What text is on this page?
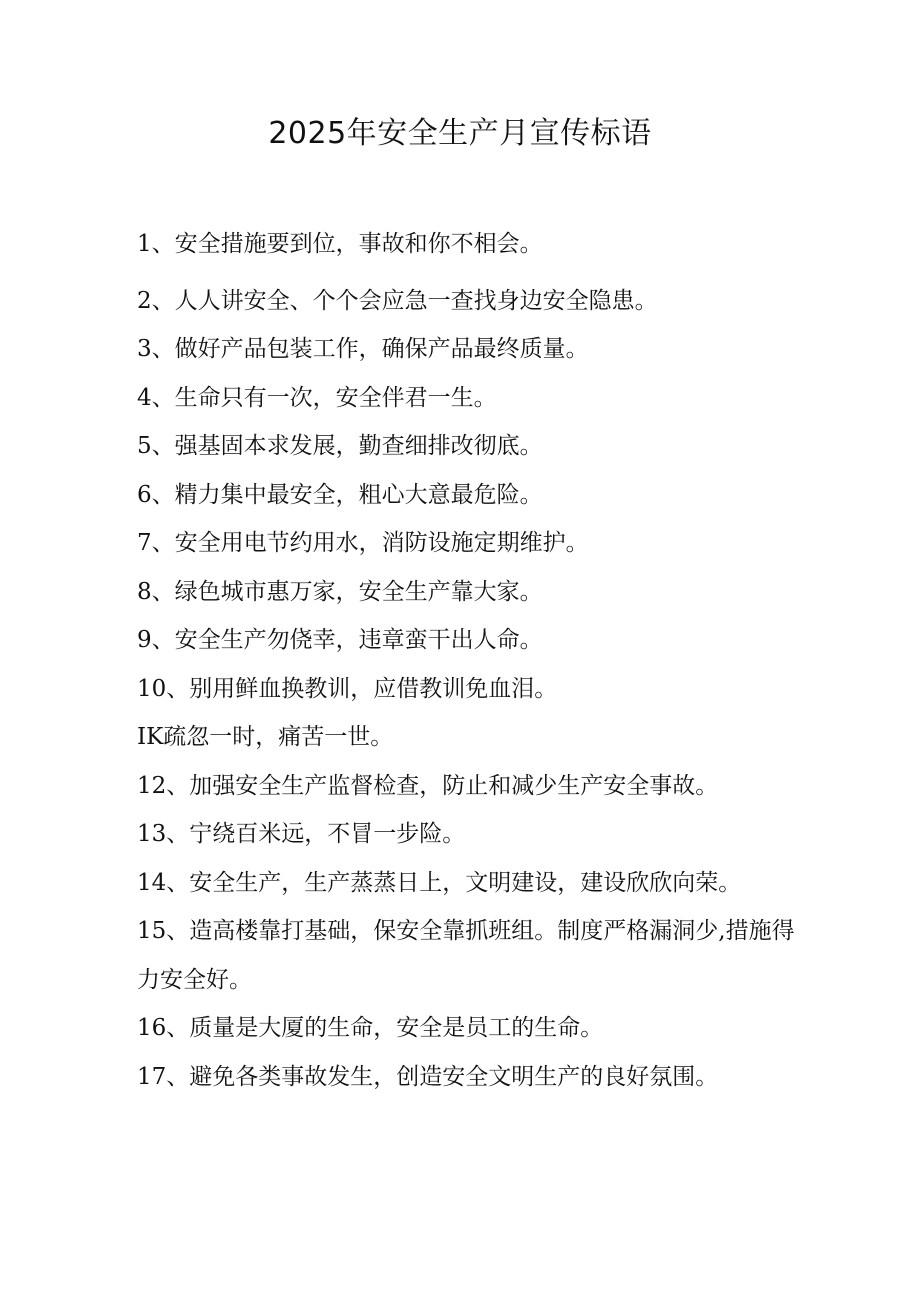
2025年安全生产月宣传标语
1、安全措施要到位，事故和你不相会。
2、人人讲安全、个个会应急一查找身边安全隐患。
3、做好产品包装工作，确保产品最终质量。
4、生命只有一次，安全伴君一生。
5、强基固本求发展，勤查细排改彻底。
6、精力集中最安全，粗心大意最危险。
7、安全用电节约用水，消防设施定期维护。
8、绿色城市惠万家，安全生产靠大家。
9、安全生产勿侥幸，违章蛮干出人命。
10、别用鲜血换教训，应借教训免血泪。
IK疏忽一时，痛苦一世。
12、加强安全生产监督检查，防止和减少生产安全事故。
13、宁绕百米远，不冒一步险。
14、安全生产，生产蒸蒸日上，文明建设，建设欣欣向荣。
15、造高楼靠打基础，保安全靠抓班组。制度严格漏洞少,措施得力安全好。
16、质量是大厦的生命，安全是员工的生命。
17、避免各类事故发生，创造安全文明生产的良好氛围。
